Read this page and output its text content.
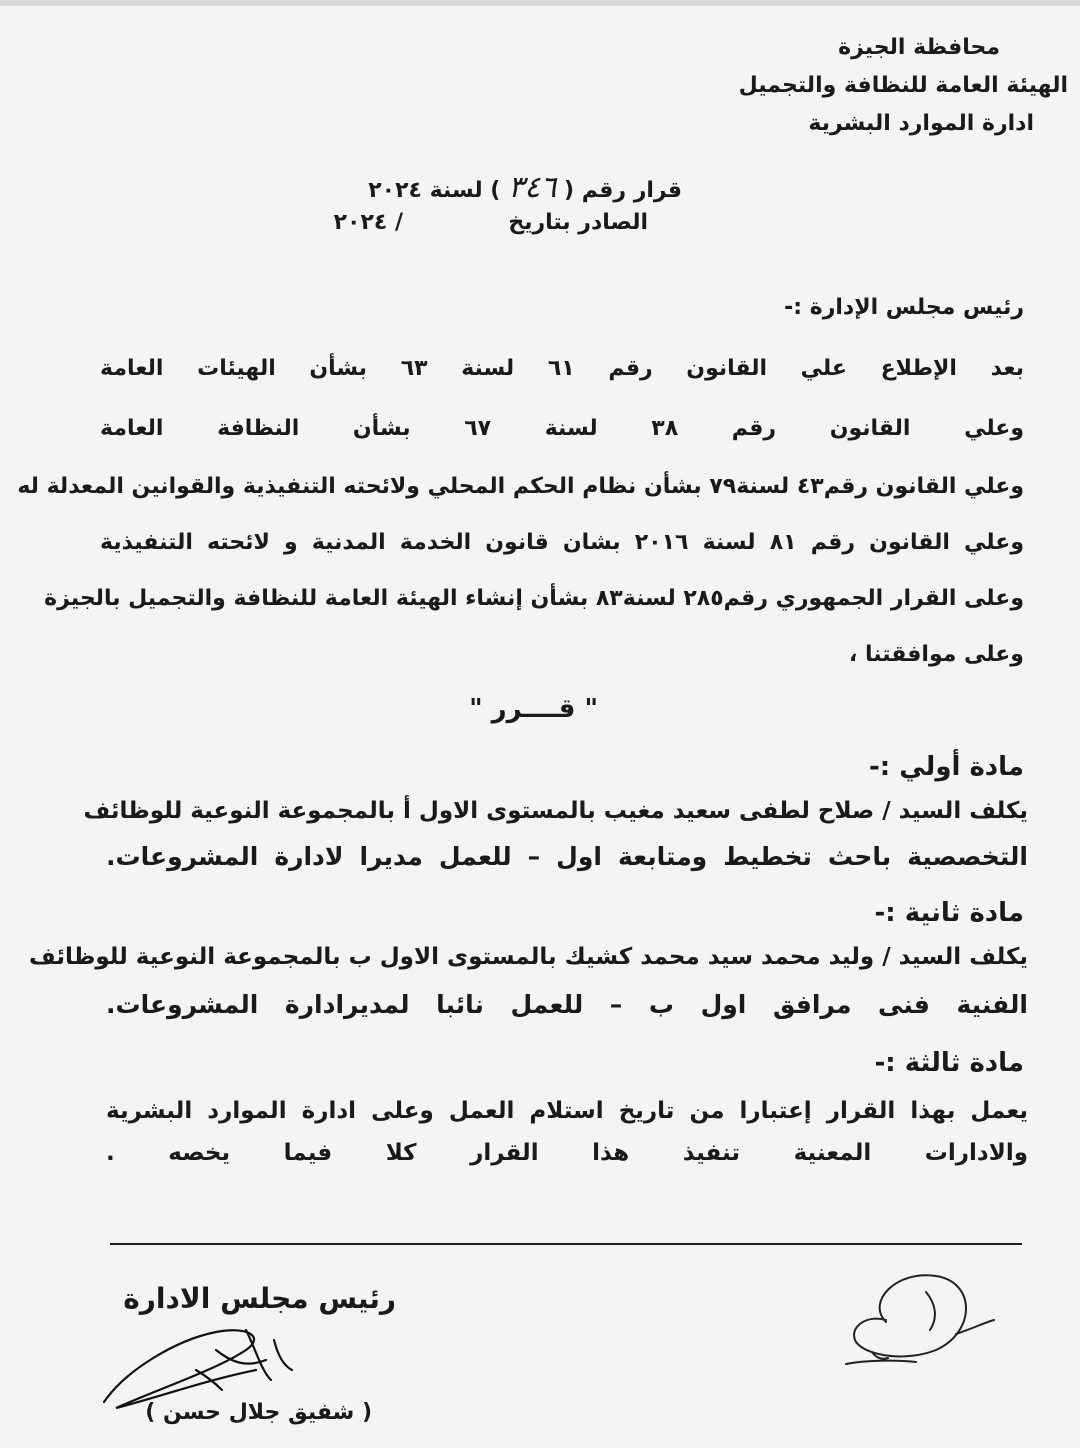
محافظة الجيزة
الهيئة العامة للنظافة والتجميل
ادارة الموارد البشرية
قرار رقم ( ٣٤٦ ) لسنة ٢٠٢٤
الصادر بتاريخ  / ٢٠٢٤
رئيس مجلس الإدارة :-
بعد الإطلاع علي القانون رقم ٦١ لسنة ٦٣ بشأن الهيئات العامة
وعلي القانون رقم ٣٨ لسنة ٦٧ بشأن النظافة العامة
وعلي القانون رقم٤٣ لسنة٧٩ بشأن نظام الحكم المحلي ولائحته التنفيذية والقوانين المعدلة له
وعلي القانون رقم ٨١ لسنة ٢٠١٦ بشان قانون الخدمة المدنية و لائحته التنفيذية
وعلى القرار الجمهوري رقم٢٨٥ لسنة٨٣ بشأن إنشاء الهيئة العامة للنظافة والتجميل بالجيزة
وعلى موافقتنا ،
" قــــرر "
مادة أولي :-
يكلف السيد / صلاح لطفى سعيد مغيب بالمستوى الاول أ بالمجموعة النوعية للوظائف
التخصصية باحث تخطيط ومتابعة اول – للعمل مديرا لادارة المشروعات.
مادة ثانية :-
يكلف السيد / وليد محمد سيد محمد كشيك بالمستوى الاول ب بالمجموعة النوعية للوظائف
الفنية فنى مرافق اول ب – للعمل نائبا لمديرادارة المشروعات.
مادة ثالثة :-
يعمل بهذا القرار إعتبارا من تاريخ استلام العمل وعلى ادارة الموارد البشرية
والادارات المعنية تنفيذ هذا القرار كلا فيما يخصه .
رئيس مجلس الادارة
( شفيق جلال حسن )
